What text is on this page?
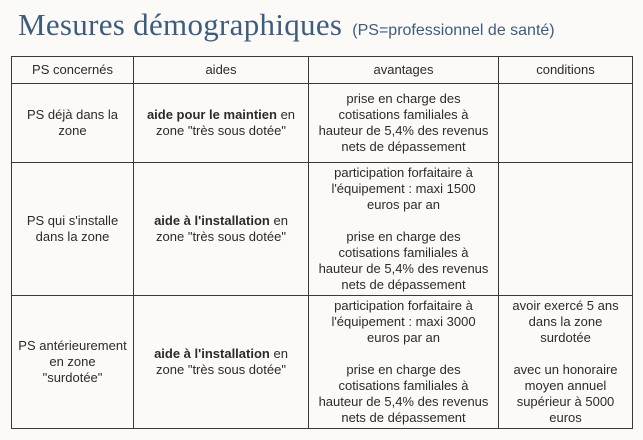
Mesures démographiques (PS=professionnel de santé)
PS concernés	aides	avantages	conditions
PS déjà dans la zone	aide pour le maintien en zone "très sous dotée"	prise en charge des cotisations familiales à hauteur de 5,4% des revenus nets de dépassement	

PS qui s'installe dans la zone	aide à l'installation en zone "très sous dotée"	participation forfaitaire à l'équipement : maxi 1500 euros par an
prise en charge des cotisations familiales à hauteur de 5,4% des revenus nets de dépassement	

PS antérieurement en zone "surdotée"	aide à l'installation en zone "très sous dotée"	participation forfaitaire à l'équipement : maxi 3000 euros par an
prise en charge des cotisations familiales à hauteur de 5,4% des revenus nets de dépassement	avoir exercé 5 ans dans la zone surdotée
avec un honoraire moyen annuel supérieur à 5000 euros
